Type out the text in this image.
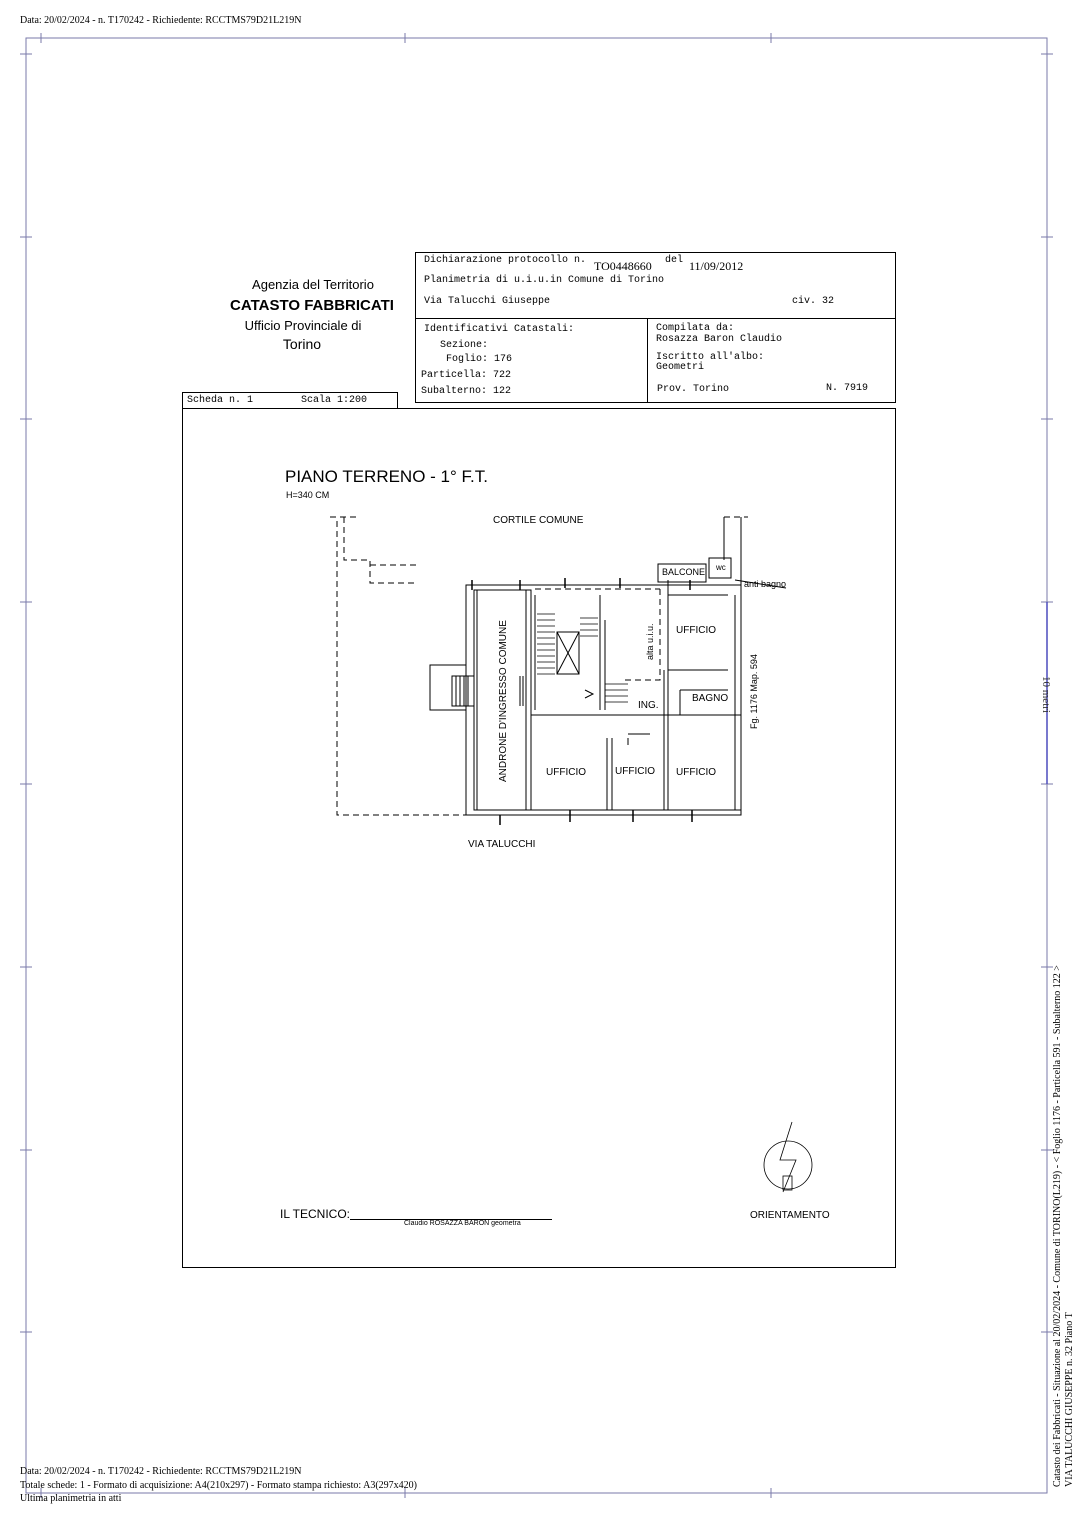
Data: 20/02/2024 - n. T170242 - Richiedente: RCCTMS79D21L219N
10 metri
Agenzia del Territorio
CATASTO FABBRICATI
Ufficio Provinciale di
Torino
Dichiarazione protocollo n. TO0448660 del 11/09/2012
Planimetria di u.i.u.in Comune di Torino
Via Talucchi Giuseppe	civ. 32
Identificativi Catastali:
Sezione:
Foglio: 176
Particella: 722
Subalterno: 122
Compilata da:
Rosazza Baron Claudio
Iscritto all'albo:
Geometri
Prov. Torino	N. 7919
Scheda n. 1	Scala 1:200
PIANO TERRENO - 1° F.T.
H=340 CM
CORTILE COMUNE
BALCONE wc
anti bagno
alta u.i.u. UFFICIO
ANDRONE D'INGRESSO COMUNE	ING.
BAGNO Fg. 1176 Map. 594
UFFICIO	UFFICIO UFFICIO
VIA TALUCCHI
IL TECNICO:
Claudio ROSAZZA BARON geometra
ORIENTAMENTO	Catasto dei Fabbricati - Situazione al 20/02/2024 - Comune di TORINO(L219) - < Foglio 1176 - Particella 591 - Subalterno 122 > VIA TALUCCHI GIUSEPPE n. 32 Piano T
Data: 20/02/2024 - n. T170242 - Richiedente: RCCTMS79D21L219N
Totale schede: 1 - Formato di acquisizione: A4(210x297) - Formato stampa richiesto: A3(297x420)
Ultima planimetria in atti
